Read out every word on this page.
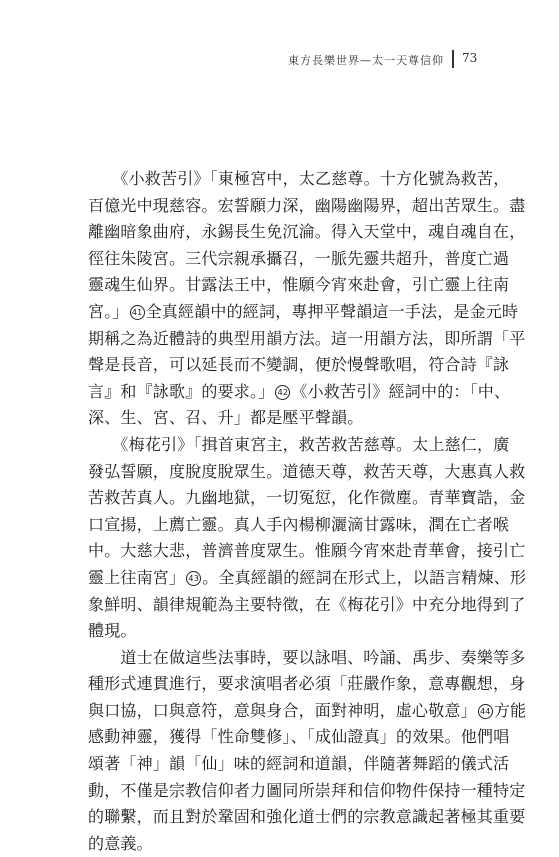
東方長樂世界—太一天尊信仰 73
　　《小救苦引》「東極宮中，太乙慈尊。十方化號為救苦，
百億光中現慈容。宏誓願力深，幽陽幽陽界，超出苦眾生。盡
離幽暗象曲府，永錫長生免沉淪。得入天堂中，魂自魂自在，
徑往朱陵宮。三代宗親承攝召，一脈先靈共超升，普度亡過
靈魂生仙界。甘露法王中，惟願今宵來赴會，引亡靈上往南
宮。」 41 全真經韻中的經詞，專押平聲韻這一手法，是金元時
期稱之為近體詩的典型用韻方法。這一用韻方法，即所謂「平
聲是長音，可以延長而不變調，便於慢聲歌唱，符合詩『詠
言』和『詠歌』的要求。」 42 《小救苦引》經詞中的：「中、
深、生、宮、召、升」都是壓平聲韻。
　　《梅花引》「揖首東宮主，救苦救苦慈尊。太上慈仁，廣
發弘誓願，度脫度脫眾生。道德天尊，救苦天尊，大惠真人救
苦救苦真人。九幽地獄，一切冤愆，化作微塵。青華寶誥，金
口宣揚，上薦亡靈。真人手內楊柳灑滴甘露味，潤在亡者喉
中。大慈大悲，普濟普度眾生。惟願今宵來赴青華會，接引亡
靈上往南宮」 43 。全真經韻的經詞在形式上，以語言精煉、形
象鮮明、韻律規範為主要特徵，在《梅花引》中充分地得到了
體現。
　　道士在做這些法事時，要以詠唱、吟誦、禹步、奏樂等多
種形式連貫進行，要求演唱者必須「莊嚴作象，意專觀想，身
與口協，口與意符，意與身合，面對神明，虛心敬意」 44 方能
感動神靈，獲得「性命雙修」、「成仙證真」的效果。他們唱
頌著「神」韻「仙」味的經詞和道韻，伴隨著舞蹈的儀式活
動，不僅是宗教信仰者力圖同所崇拜和信仰物件保持一種特定
的聯繫，而且對於鞏固和強化道士們的宗教意識起著極其重要
的意義。
